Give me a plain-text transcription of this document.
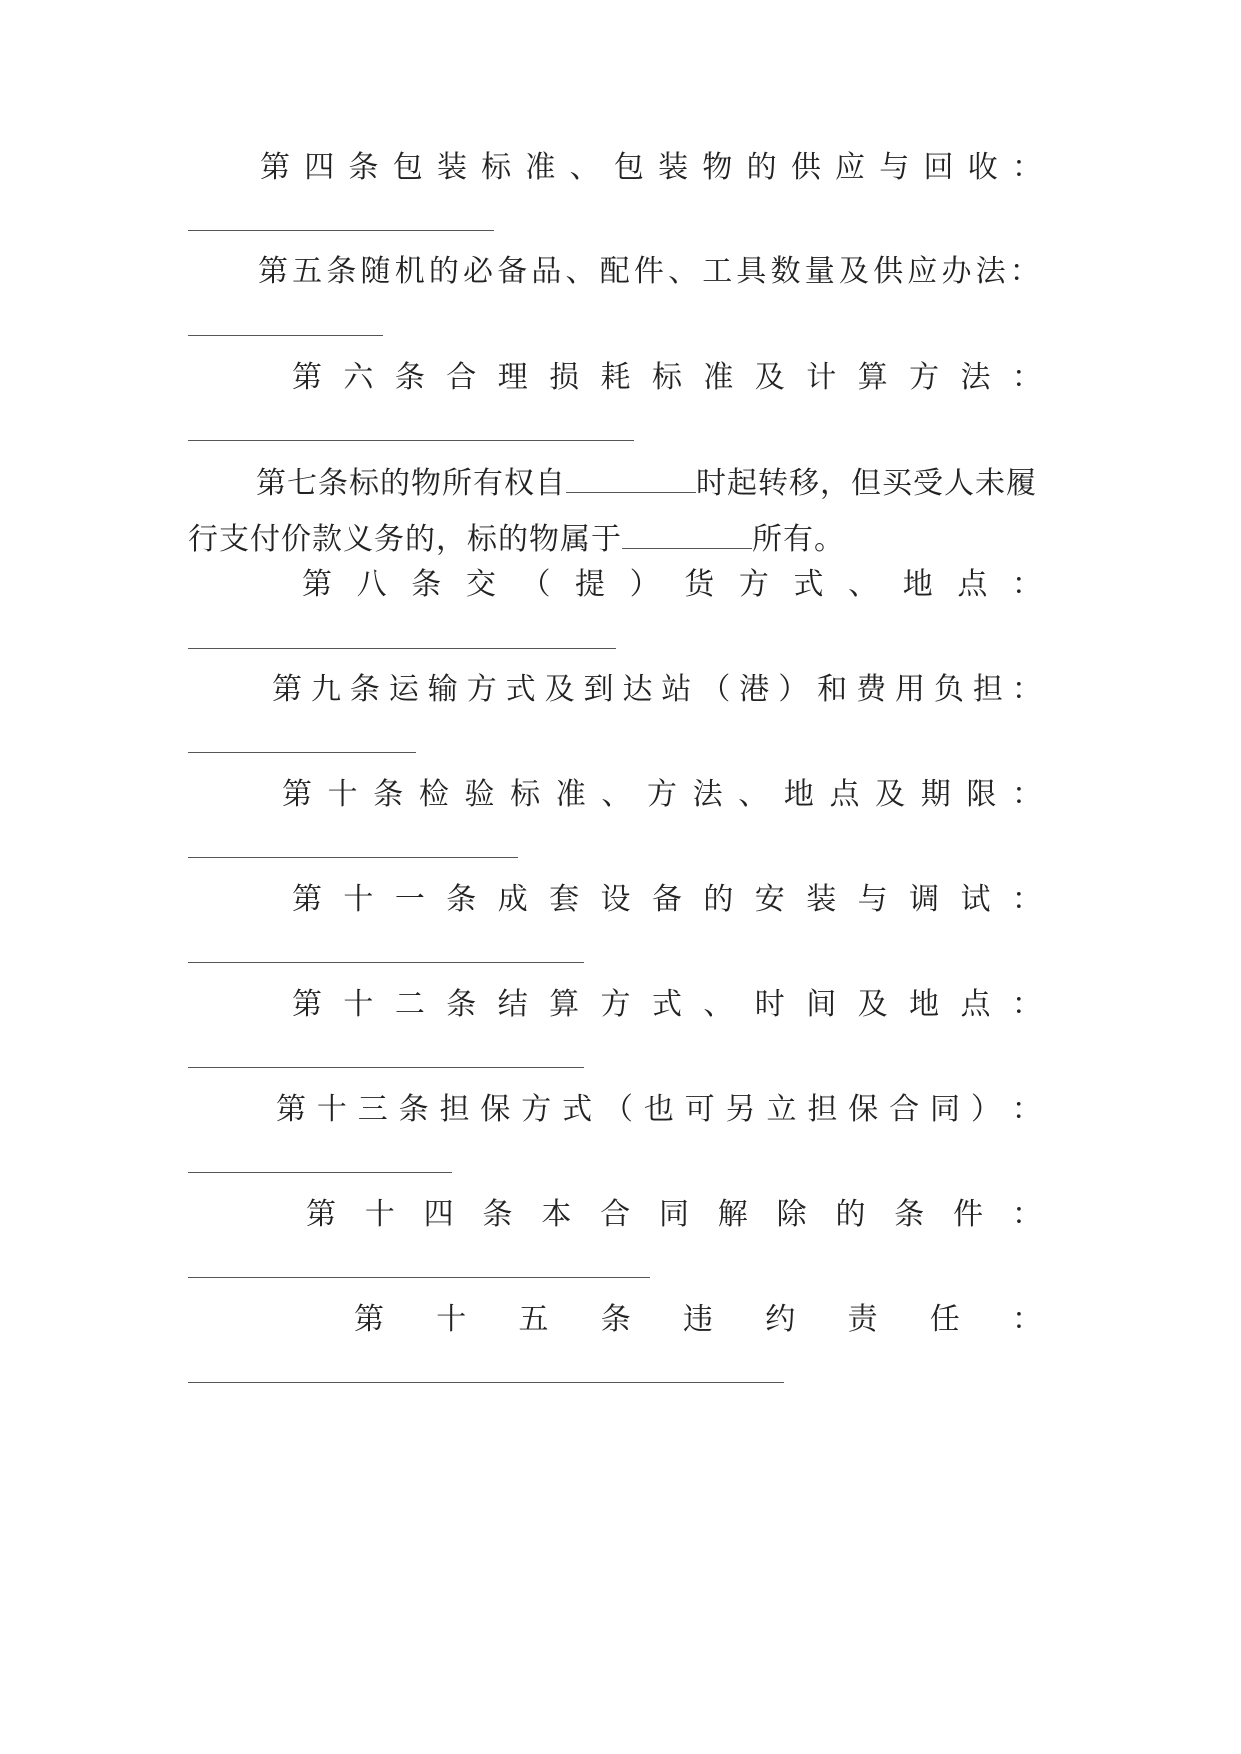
第 四 条 包 装 标 准 、 包 装 物 的 供 应 与 回 收 ：
第 五 条 随 机 的 必 备 品 、 配 件 、 工 具 数 量 及 供 应 办 法 ：
第 六 条 合 理 损 耗 标 准 及 计 算 方 法 ：
第七条标的物所有权自	时起转移，但买受人未履行支付价款义务的，标的物属于	所有。
第 八 条 交 （ 提 ） 货 方 式 、 地 点 ：
第 九 条 运 输 方 式 及 到 达 站 （ 港 ） 和 费 用 负 担 ：
第 十 条 检 验 标 准 、 方 法 、 地 点 及 期 限 ：
第 十 一 条 成 套 设 备 的 安 装 与 调 试 ：
第 十 二 条 结 算 方 式 、 时 间 及 地 点 ：
第 十 三 条 担 保 方 式 （ 也 可 另 立 担 保 合 同 ） ：
第 十 四 条 本 合 同 解 除 的 条 件 ：
第 十 五 条 违 约 责 任 ：
